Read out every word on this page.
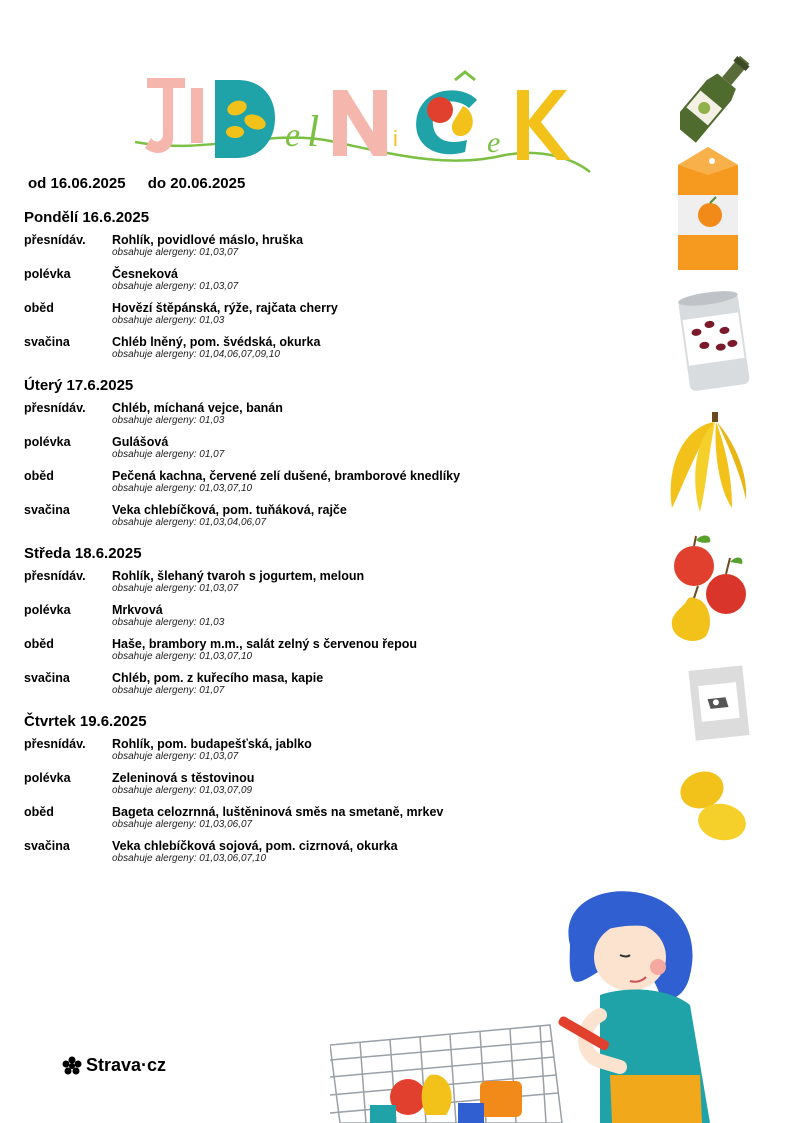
e l	i	e
od 16.06.2025 do 20.06.2025
Pondělí 16.6.2025
přesnídáv. Rohlík, povidlové máslo, hruška
obsahuje alergeny: 01,03,07
polévka	Česneková
obsahuje alergeny: 01,03,07
oběd	Hovězí štěpánská, rýže, rajčata cherry
obsahuje alergeny: 01,03
svačina	Chléb lněný, pom. švédská, okurka
obsahuje alergeny: 01,04,06,07,09,10
Úterý 17.6.2025
přesnídáv. Chléb, míchaná vejce, banán
obsahuje alergeny: 01,03
polévka	Gulášová
obsahuje alergeny: 01,07
oběd	Pečená kachna, červené zelí dušené, bramborové knedlíky
obsahuje alergeny: 01,03,07,10
svačina	Veka chlebíčková, pom. tuňáková, rajče
obsahuje alergeny: 01,03,04,06,07
Středa 18.6.2025
přesnídáv. Rohlík, šlehaný tvaroh s jogurtem, meloun
obsahuje alergeny: 01,03,07
polévka	Mrkvová
obsahuje alergeny: 01,03
oběd	Haše, brambory m.m., salát zelný s červenou řepou
obsahuje alergeny: 01,03,07,10
svačina	Chléb, pom. z kuřecího masa, kapie
obsahuje alergeny: 01,07
Čtvrtek 19.6.2025
přesnídáv. Rohlík, pom. budapešťská, jablko
obsahuje alergeny: 01,03,07
polévka	Zeleninová s těstovinou
obsahuje alergeny: 01,03,07,09
oběd	Bageta celozrnná, luštěninová směs na smetaně, mrkev
obsahuje alergeny: 01,03,06,07
svačina	Veka chlebíčková sojová, pom. cizrnová, okurka
obsahuje alergeny: 01,03,06,07,10
Strava·cz
